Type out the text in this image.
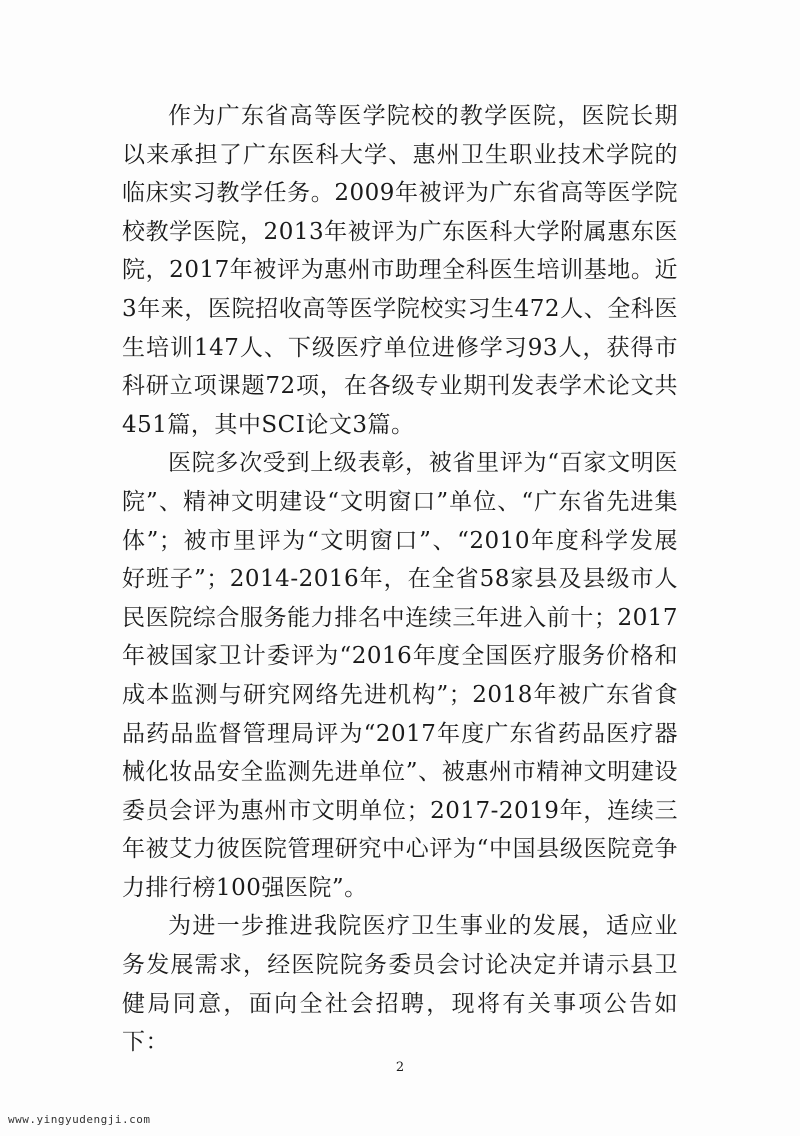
作为广东省高等医学院校的教学医院，医院长期以来承担了广东医科大学、惠州卫生职业技术学院的临床实习教学任务。2009年被评为广东省高等医学院校教学医院，2013年被评为广东医科大学附属惠东医院，2017年被评为惠州市助理全科医生培训基地。近3年来，医院招收高等医学院校实习生472人、全科医生培训147人、下级医疗单位进修学习93人，获得市科研立项课题72项，在各级专业期刊发表学术论文共451篇，其中SCI论文3篇。

医院多次受到上级表彰，被省里评为“百家文明医院”、精神文明建设“文明窗口”单位、“广东省先进集体”；被市里评为“文明窗口”、“2010年度科学发展好班子”；2014-2016年，在全省58家县及县级市人民医院综合服务能力排名中连续三年进入前十；2017年被国家卫计委评为“2016年度全国医疗服务价格和成本监测与研究网络先进机构”；2018年被广东省食品药品监督管理局评为“2017年度广东省药品医疗器械化妆品安全监测先进单位”、被惠州市精神文明建设委员会评为惠州市文明单位；2017-2019年，连续三年被艾力彼医院管理研究中心评为“中国县级医院竞争力排行榜100强医院”。

为进一步推进我院医疗卫生事业的发展，适应业务发展需求，经医院院务委员会讨论决定并请示县卫健局同意，面向全社会招聘，现将有关事项公告如下：

2
www.yingyudengji.com
